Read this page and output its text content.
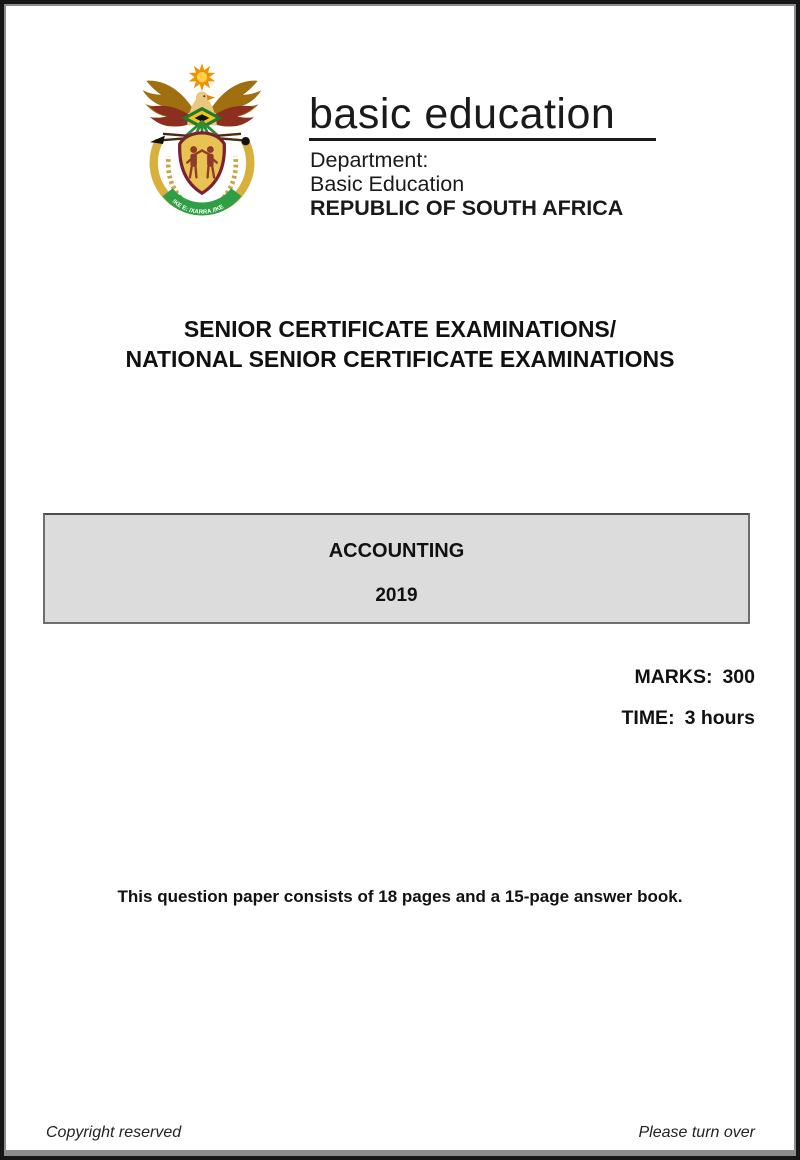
!KE E: /XARRA //KE
basic education
Department:
Basic Education
REPUBLIC OF SOUTH AFRICA
SENIOR CERTIFICATE EXAMINATIONS/
NATIONAL SENIOR CERTIFICATE EXAMINATIONS
ACCOUNTING
2019
MARKS: 300
TIME: 3 hours
This question paper consists of 18 pages and a 15-page answer book.
Copyright reserved	Please turn over
